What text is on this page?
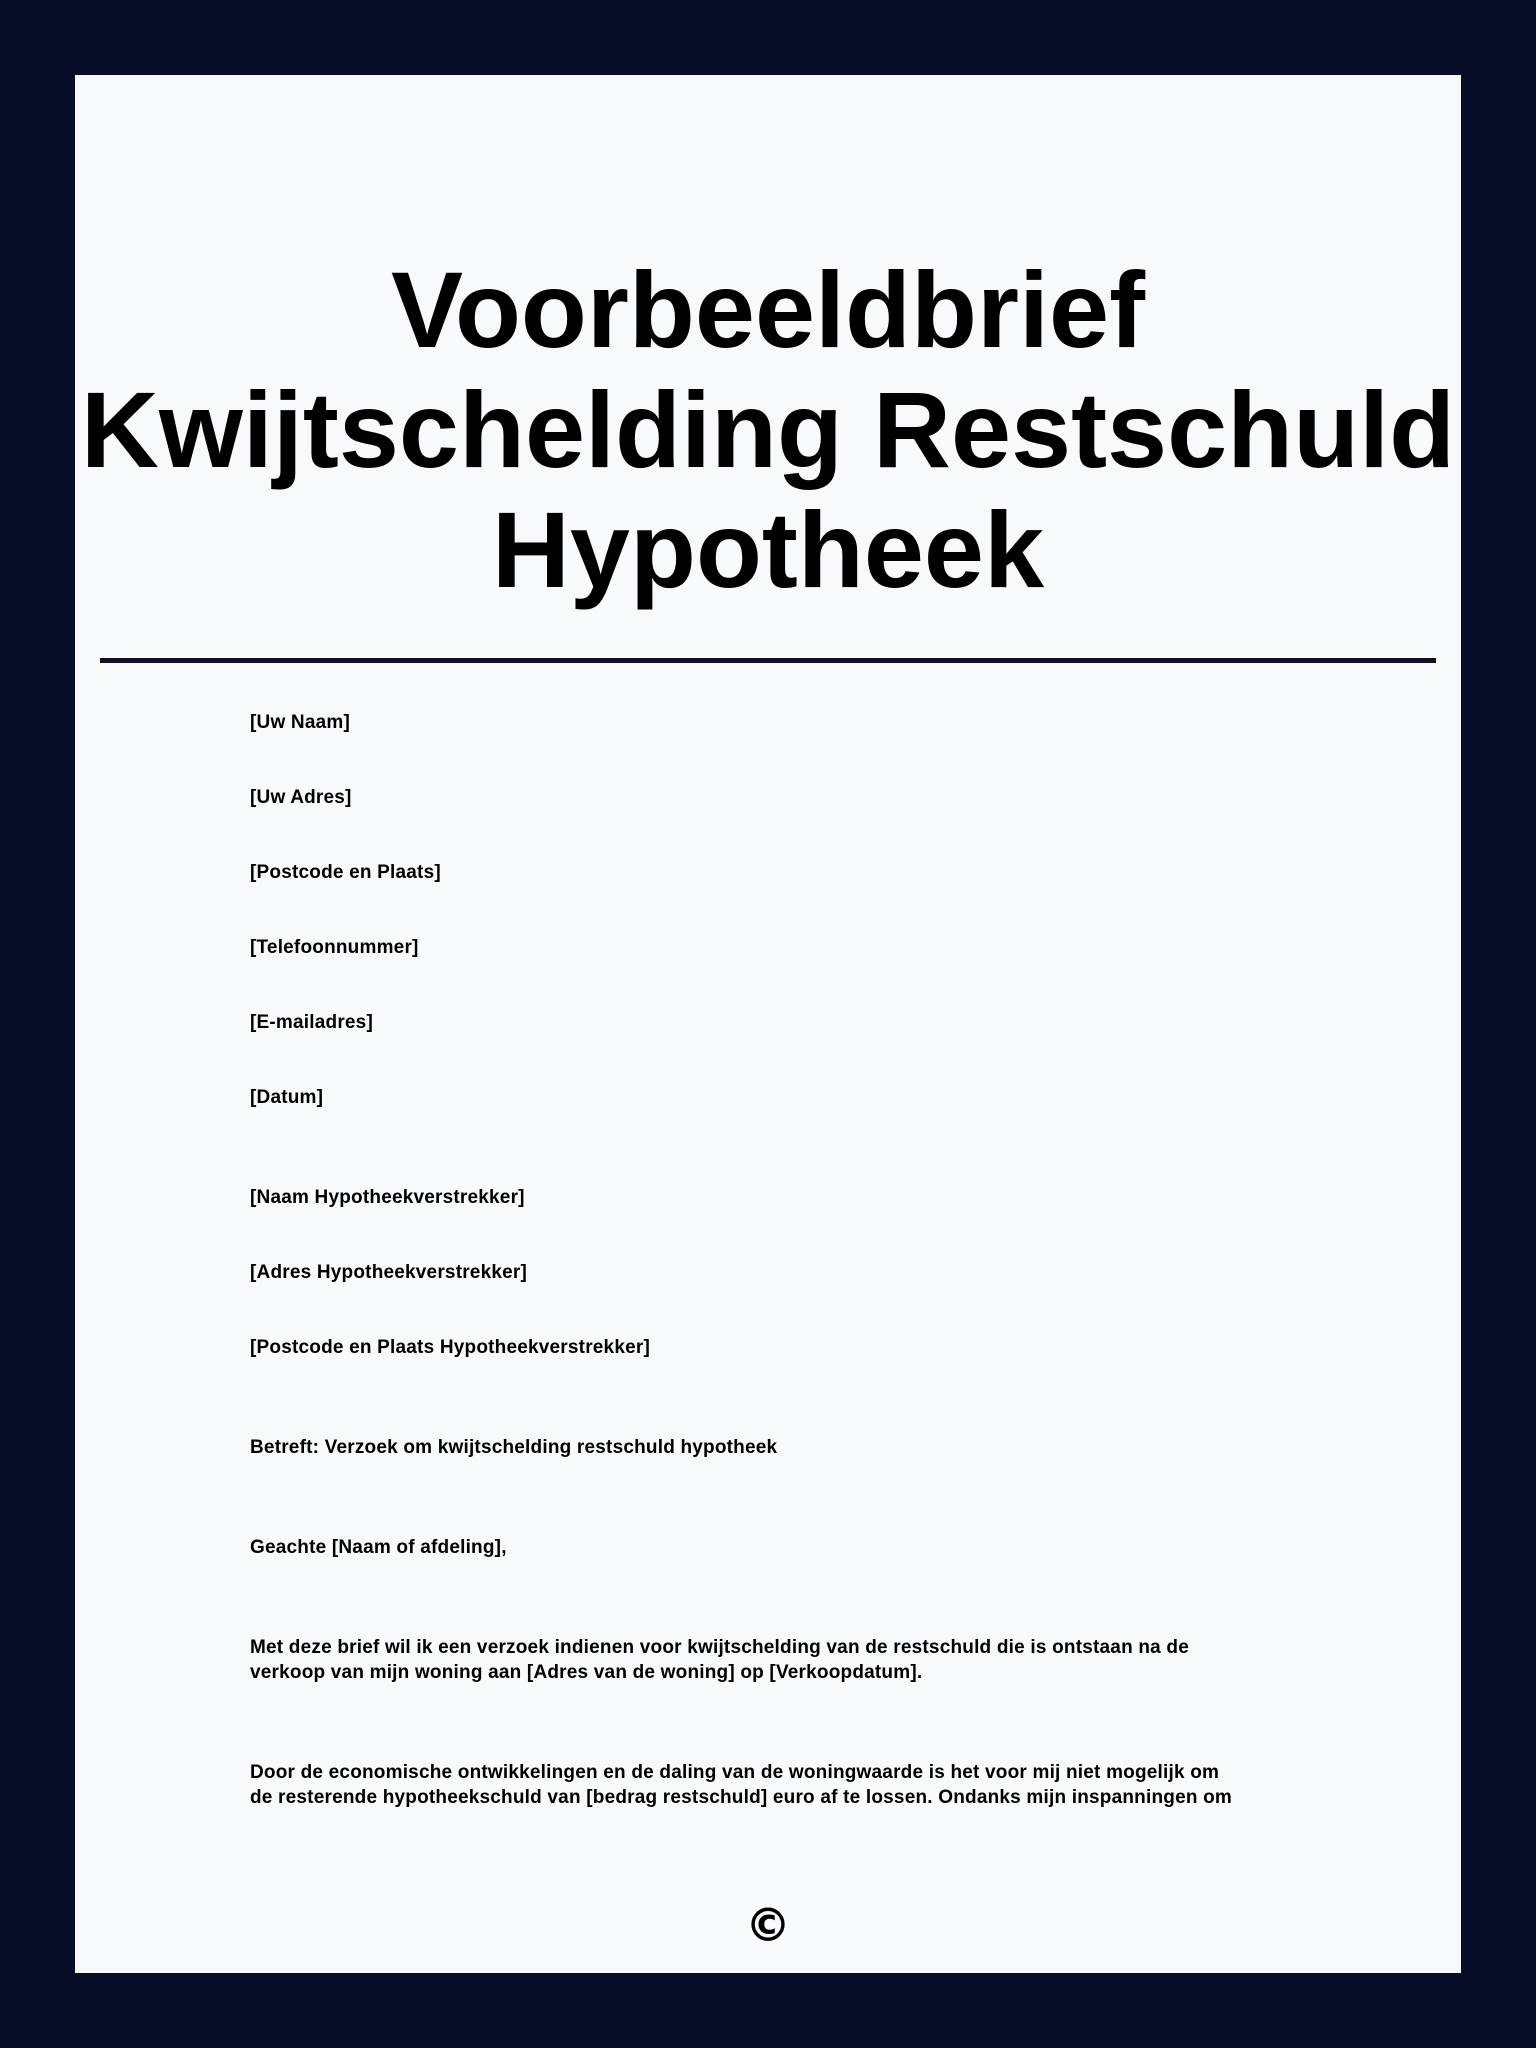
Voorbeeldbrief
Kwijtschelding Restschuld
Hypotheek

[Uw Naam]

[Uw Adres]

[Postcode en Plaats]

[Telefoonnummer]

[E-mailadres]

[Datum]

[Naam Hypotheekverstrekker]

[Adres Hypotheekverstrekker]

[Postcode en Plaats Hypotheekverstrekker]

Betreft: Verzoek om kwijtschelding restschuld hypotheek

Geachte [Naam of afdeling],

Met deze brief wil ik een verzoek indienen voor kwijtschelding van de restschuld die is ontstaan na de
verkoop van mijn woning aan [Adres van de woning] op [Verkoopdatum].
Door de economische ontwikkelingen en de daling van de woningwaarde is het voor mij niet mogelijk om
de resterende hypotheekschuld van [bedrag restschuld] euro af te lossen. Ondanks mijn inspanningen om
©
